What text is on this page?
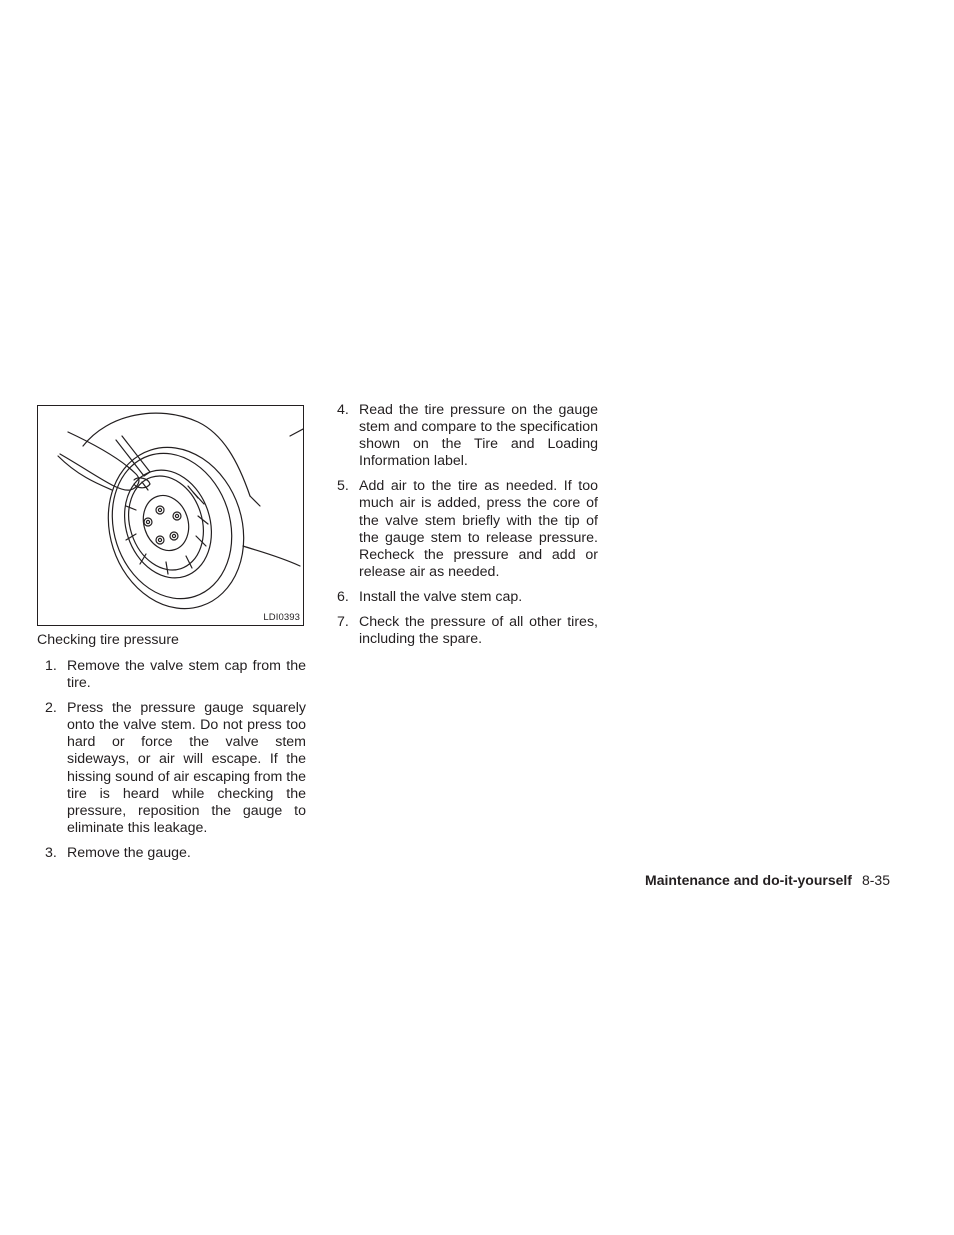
LDI0393
Checking tire pressure
1. Remove the valve stem cap from the tire.
2. Press the pressure gauge squarely onto the valve stem. Do not press too hard or force the valve stem sideways, or air will escape. If the hissing sound of air escaping from the tire is heard while checking the pressure, reposition the gauge to eliminate this leakage.
3. Remove the gauge.
4. Read the tire pressure on the gauge stem and compare to the specification shown on the Tire and Loading Information label.
5. Add air to the tire as needed. If too much air is added, press the core of the valve stem briefly with the tip of the gauge stem to release pressure. Recheck the pressure and add or release air as needed.
6. Install the valve stem cap.
7. Check the pressure of all other tires, including the spare.
Maintenance and do-it-yourself 8-35
